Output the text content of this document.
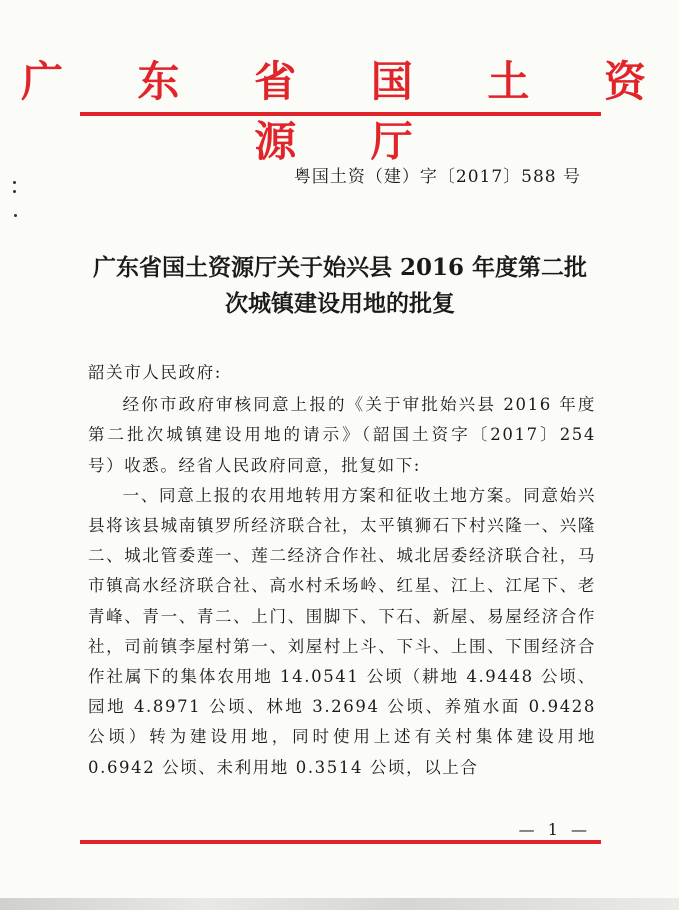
广 东 省 国 土 资 源 厅
粤国土资（建）字〔2017〕588 号
广东省国土资源厅关于始兴县 2016 年度第二批
次城镇建设用地的批复

韶关市人民政府:

经你市政府审核同意上报的《关于审批始兴县 2016 年度第二批次城镇建设用地的请示》（韶国土资字〔2017〕254 号）收悉。经省人民政府同意，批复如下:

一、同意上报的农用地转用方案和征收土地方案。同意始兴县将该县城南镇罗所经济联合社，太平镇狮石下村兴隆一、兴隆二、城北管委莲一、莲二经济合作社、城北居委经济联合社，马市镇高水经济联合社、高水村禾场岭、红星、江上、江尾下、老青峰、青一、青二、上门、围脚下、下石、新屋、易屋经济合作社，司前镇李屋村第一、刘屋村上斗、下斗、上围、下围经济合作社属下的集体农用地 14.0541 公顷（耕地 4.9448 公顷、园地 4.8971 公顷、林地 3.2694 公顷、养殖水面 0.9428 公顷）转为建设用地，同时使用上述有关村集体建设用地 0.6942 公顷、未利用地 0.3514 公顷，以上合

— 1 —
